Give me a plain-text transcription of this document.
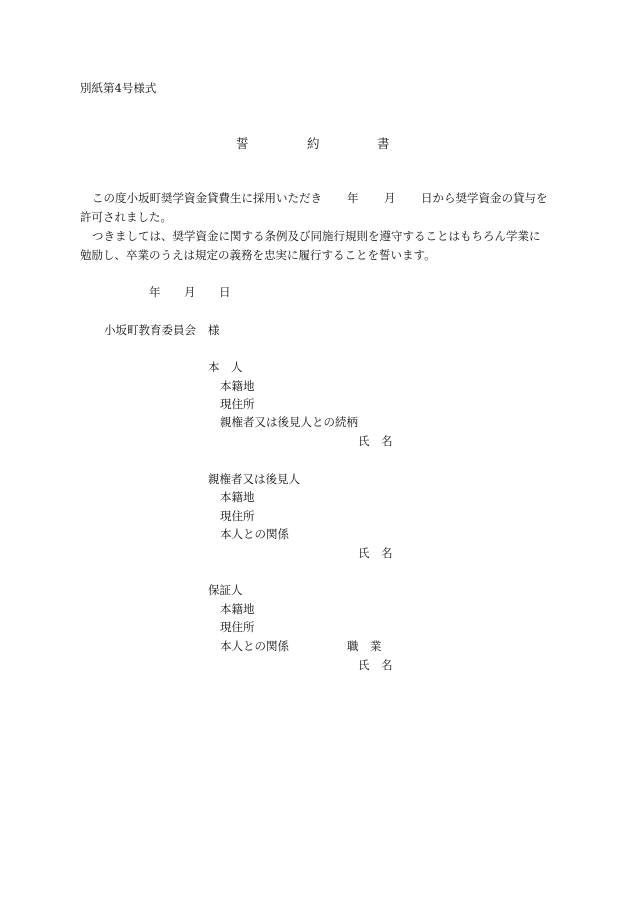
別紙第4号様式
誓	約	書
この度小坂町奨学資金貸費生に採用いただき 年 月 日から奨学資金の貸与を
許可されました。
つきましては、奨学資金に関する条例及び同施行規則を遵守することはもちろん学業に
勉励し、卒業のうえは規定の義務を忠実に履行することを誓います。
年 月 日
小坂町教育委員会 様
本　人
本籍地
現住所
親権者又は後見人との続柄
氏　名
親権者又は後見人
本籍地
現住所
本人との関係
氏　名
保証人
本籍地
現住所
本人との関係	職　業
氏　名
